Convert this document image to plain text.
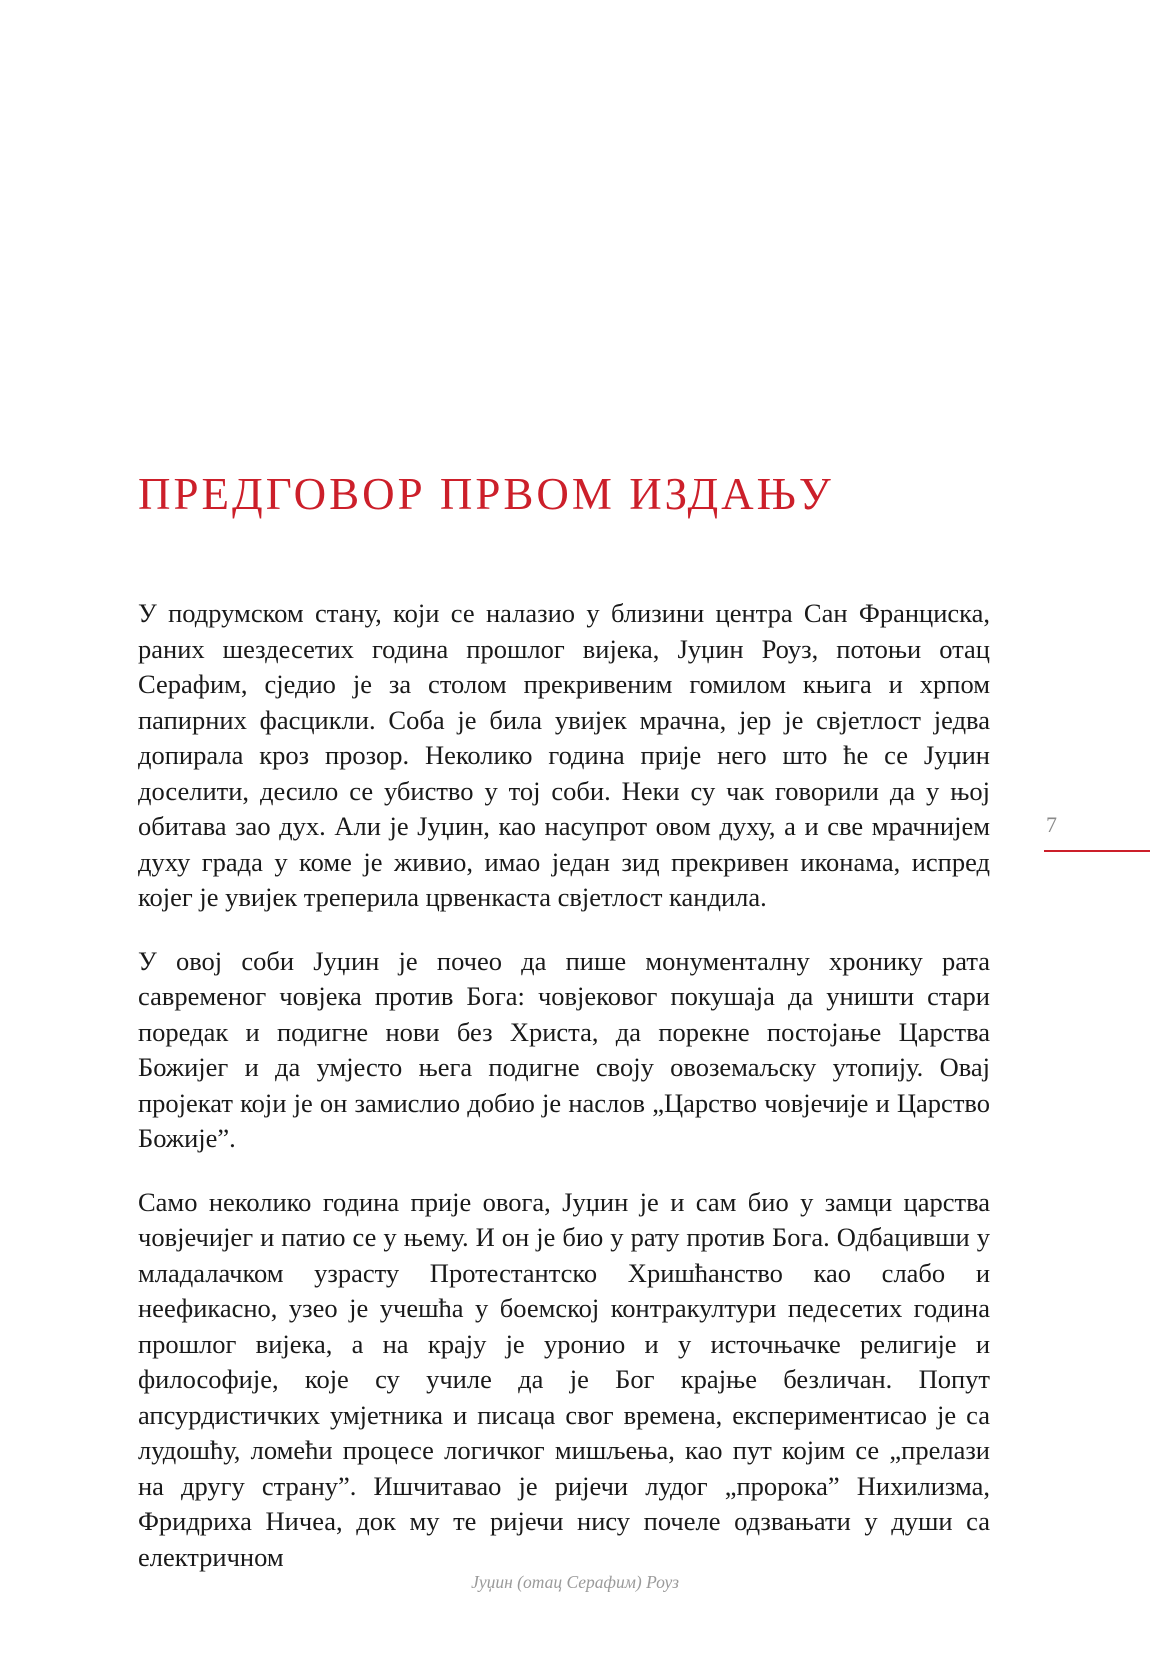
ПРЕДГОВОР ПРВОМ ИЗДАЊУ

У подрумском стану, који се налазио у близини центра Сан Франциска, раних шездесетих година прошлог вијека, Јуџин Роуз, потоњи отац Серафим, сједио је за столом прекривеним гомилом књига и хрпом папирних фасцикли. Соба је била увијек мрачна, јер је свјетлост једва допирала кроз прозор. Неколико година прије него што ће се Јуџин доселити, десило се убиство у тој соби. Неки су чак говорили да у њој обитава зао дух. Али је Јуџин, као насупрот овом духу, а и све мрачнијем духу града у коме је живио, имао један зид прекривен иконама, испред којег је увијек треперила црвенкаста свјетлост кандила.

У овој соби Јуџин је почео да пише монументалну хронику рата савременог човјека против Бога: човјековог покушаја да уништи стари поредак и подигне нови без Христа, да порекне постојање Царства Божијег и да умјесто њега подигне своју овоземаљску утопију. Овај пројекат који је он замислио добио је наслов „Царство човјечије и Царство Божије”.

Само неколико година прије овога, Јуџин је и сам био у замци царства човјечијег и патио се у њему. И он је био у рату против Бога. Одбацивши у младалачком узрасту Протестантско Хришћанство као слабо и неефикасно, узео је учешћа у боемској контракултури педесетих година прошлог вијека, а на крају је уронио и у источњачке религије и философије, које су училе да је Бог крајње безличан. Попут апсурдистичких умјетника и писаца свог времена, експериментисао је са лудошћу, ломећи процесе логичког мишљења, као пут којим се „прелази на другу страну”. Ишчитавао је ријечи лудог „пророка” Нихилизма, Фридриха Ничеа, док му те ријечи нису почеле одзвањати у души са електричном

7
Јуџин (отац Серафим) Роуз
